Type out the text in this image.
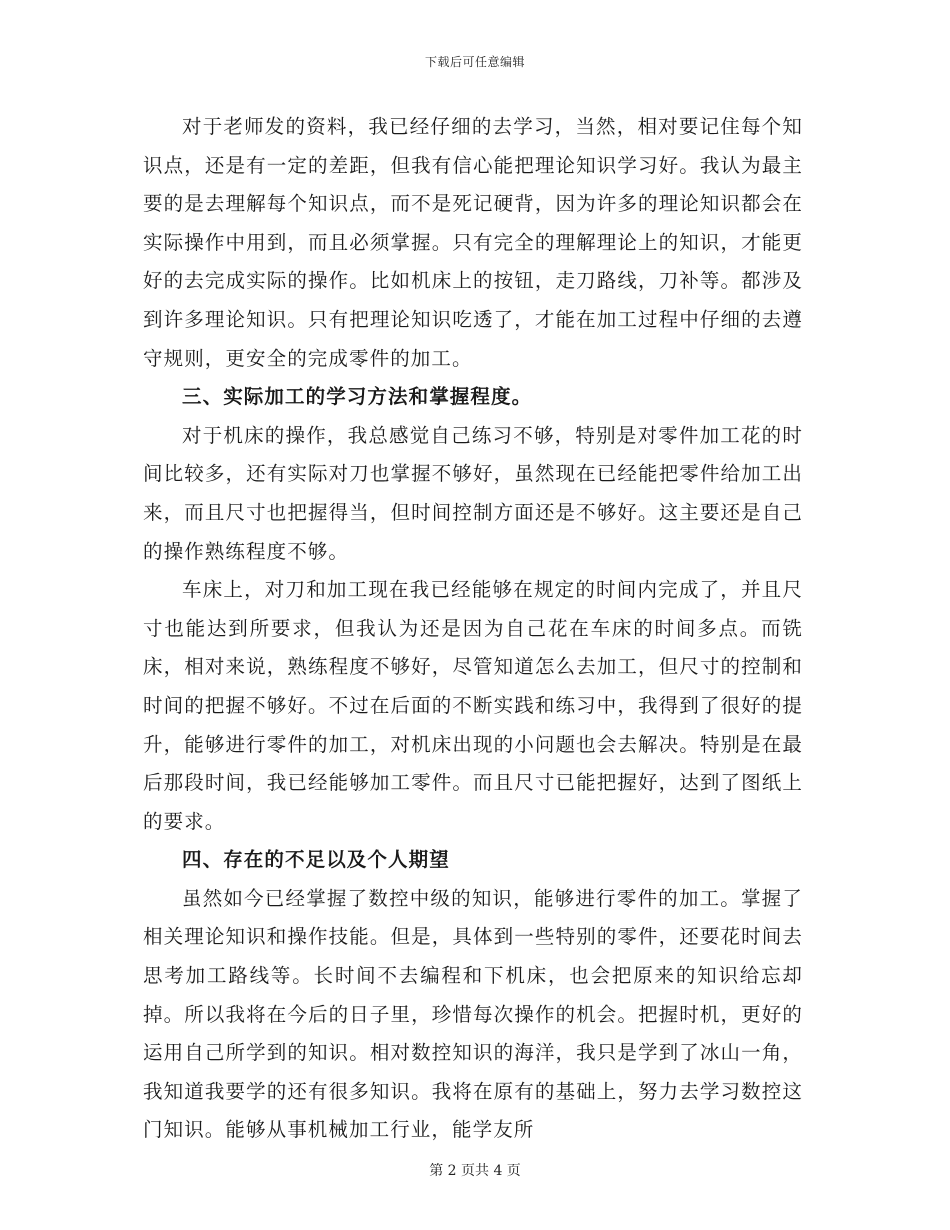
下载后可任意编辑

对于老师发的资料，我已经仔细的去学习，当然，相对要记住每个知识点，还是有一定的差距，但我有信心能把理论知识学习好。我认为最主要的是去理解每个知识点，而不是死记硬背，因为许多的理论知识都会在实际操作中用到，而且必须掌握。只有完全的理解理论上的知识，才能更好的去完成实际的操作。比如机床上的按钮，走刀路线，刀补等。都涉及到许多理论知识。只有把理论知识吃透了，才能在加工过程中仔细的去遵守规则，更安全的完成零件的加工。

三、实际加工的学习方法和掌握程度。

对于机床的操作，我总感觉自己练习不够，特别是对零件加工花的时间比较多，还有实际对刀也掌握不够好，虽然现在已经能把零件给加工出来，而且尺寸也把握得当，但时间控制方面还是不够好。这主要还是自己的操作熟练程度不够。

车床上，对刀和加工现在我已经能够在规定的时间内完成了，并且尺寸也能达到所要求，但我认为还是因为自己花在车床的时间多点。而铣床，相对来说，熟练程度不够好，尽管知道怎么去加工，但尺寸的控制和时间的把握不够好。不过在后面的不断实践和练习中，我得到了很好的提升，能够进行零件的加工，对机床出现的小问题也会去解决。特别是在最后那段时间，我已经能够加工零件。而且尺寸已能把握好，达到了图纸上的要求。

四、存在的不足以及个人期望

虽然如今已经掌握了数控中级的知识，能够进行零件的加工。掌握了相关理论知识和操作技能。但是，具体到一些特别的零件，还要花时间去思考加工路线等。长时间不去编程和下机床，也会把原来的知识给忘却掉。所以我将在今后的日子里，珍惜每次操作的机会。把握时机，更好的运用自己所学到的知识。相对数控知识的海洋，我只是学到了冰山一角，我知道我要学的还有很多知识。我将在原有的基础上，努力去学习数控这门知识。能够从事机械加工行业，能学友所

第 2 页共 4 页
